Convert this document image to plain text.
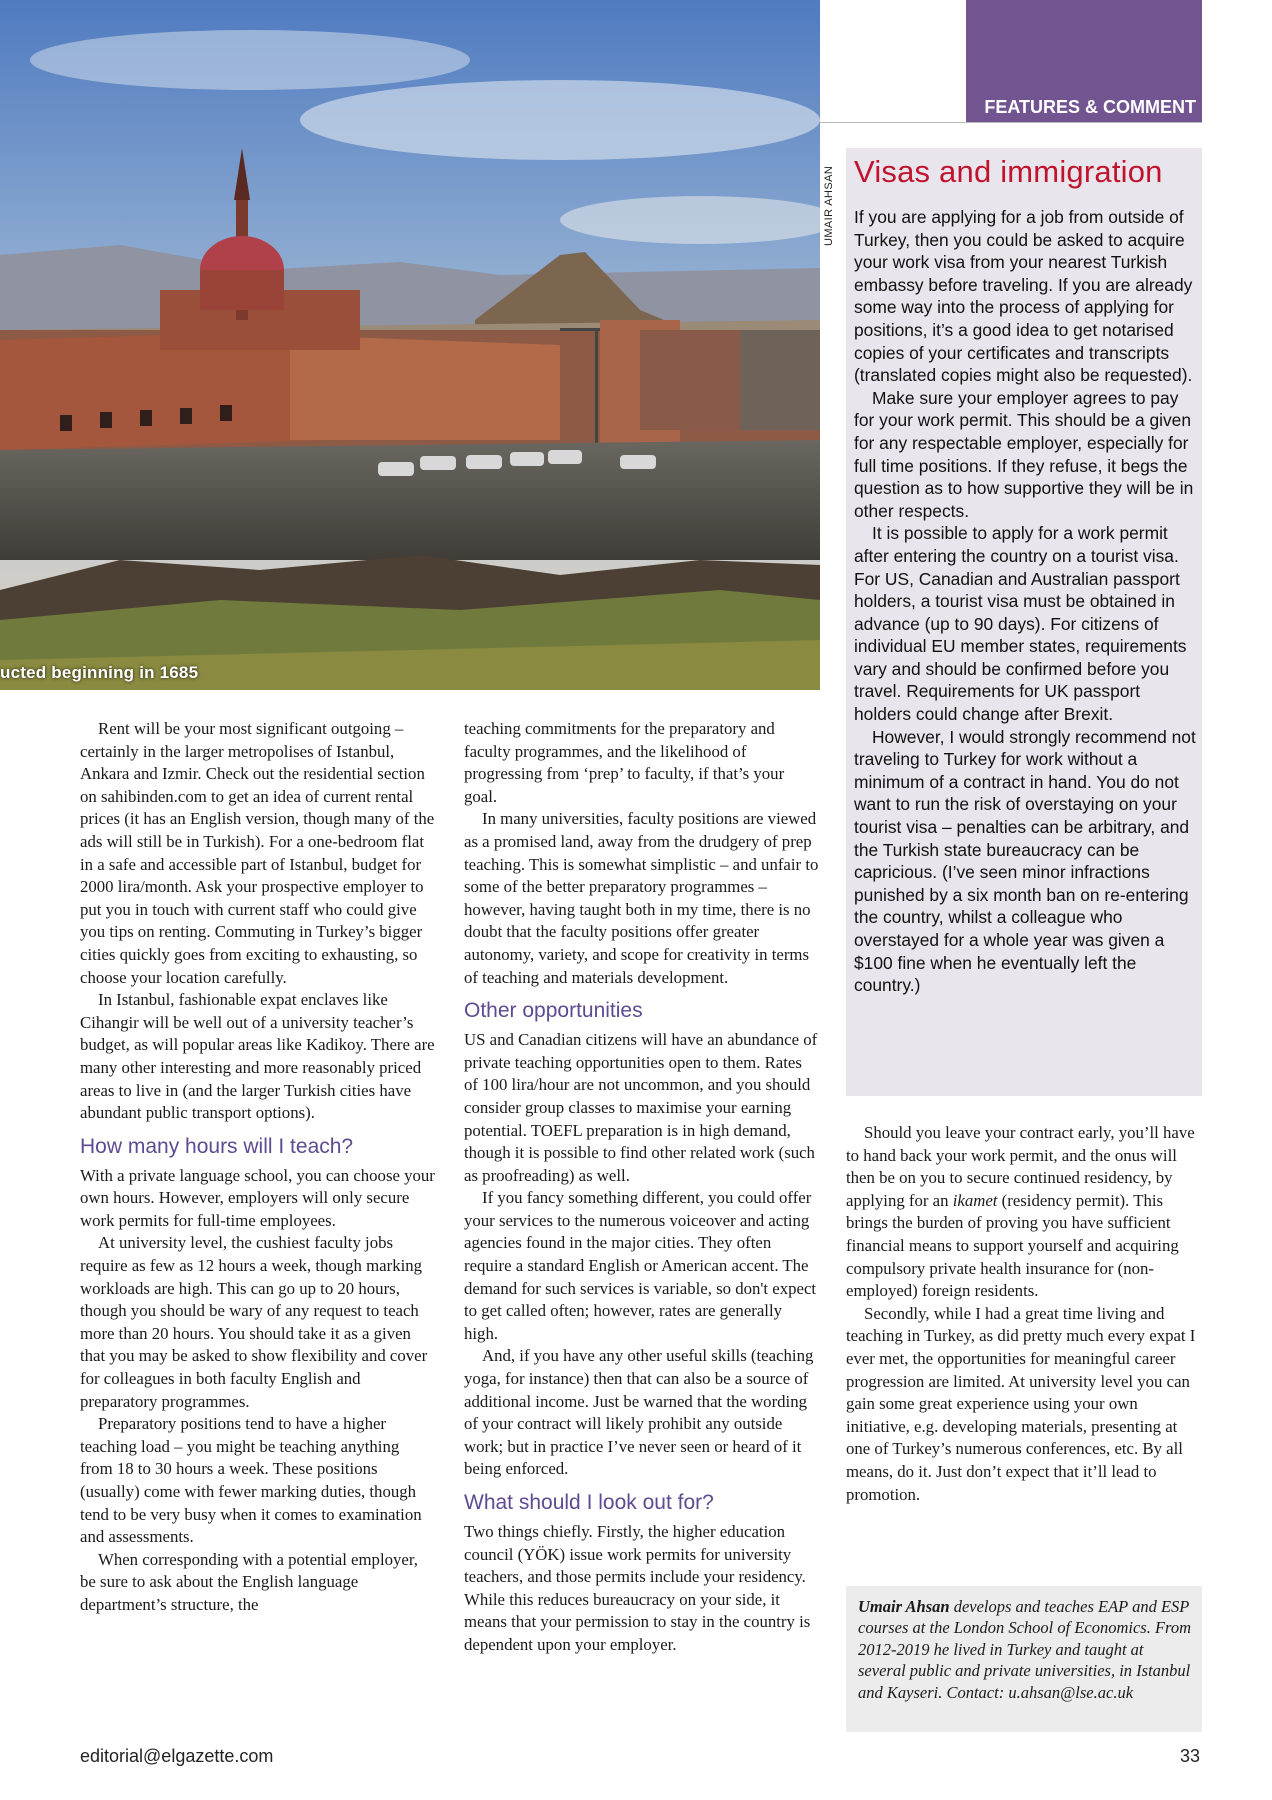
ucted beginning in 1685
FEATURES & COMMENT
UMAIR AHSAN Visas and immigration

If you are applying for a job from outside of Turkey, then you could be asked to acquire your work visa from your nearest Turkish embassy before traveling. If you are already some way into the process of applying for positions, it’s a good idea to get notarised copies of your certificates and transcripts (translated copies might also be requested).

Make sure your employer agrees to pay for your work permit. This should be a given for any respectable employer, especially for full time positions. If they refuse, it begs the question as to how supportive they will be in other respects.

It is possible to apply for a work permit after entering the country on a tourist visa. For US, Canadian and Australian passport holders, a tourist visa must be obtained in advance (up to 90 days). For citizens of individual EU member states, requirements vary and should be confirmed before you travel. Requirements for UK passport holders could change after Brexit.

However, I would strongly recommend not traveling to Turkey for work without a minimum of a contract in hand. You do not want to run the risk of overstaying on your tourist visa – penalties can be arbitrary, and the Turkish state bureaucracy can be capricious. (I’ve seen minor infractions punished by a six month ban on re-entering the country, whilst a colleague who overstayed for a whole year was given a $100 fine when he eventually left the country.)

Rent will be your most significant outgoing – certainly in the larger metropolises of Istanbul, Ankara and Izmir. Check out the residential section on sahibinden.com to get an idea of current rental prices (it has an English version, though many of the ads will still be in Turkish). For a one-bedroom flat in a safe and accessible part of Istanbul, budget for 2000 lira/month. Ask your prospective employer to put you in touch with current staff who could give you tips on renting. Commuting in Turkey’s bigger cities quickly goes from exciting to exhausting, so choose your location carefully.

In Istanbul, fashionable expat enclaves like Cihangir will be well out of a university teacher’s budget, as will popular areas like Kadikoy. There are many other interesting and more reasonably priced areas to live in (and the larger Turkish cities have abundant public transport options).

How many hours will I teach?

With a private language school, you can choose your own hours. However, employers will only secure work permits for full-time employees.

At university level, the cushiest faculty jobs require as few as 12 hours a week, though marking workloads are high. This can go up to 20 hours, though you should be wary of any request to teach more than 20 hours. You should take it as a given that you may be asked to show flexibility and cover for colleagues in both faculty English and preparatory programmes.

Preparatory positions tend to have a higher teaching load – you might be teaching anything from 18 to 30 hours a week. These positions (usually) come with fewer marking duties, though tend to be very busy when it comes to examination and assessments.

When corresponding with a potential employer, be sure to ask about the English language department’s structure, the

teaching commitments for the preparatory and faculty programmes, and the likelihood of progressing from ‘prep’ to faculty, if that’s your goal.

In many universities, faculty positions are viewed as a promised land, away from the drudgery of prep teaching. This is somewhat simplistic – and unfair to some of the better preparatory programmes – however, having taught both in my time, there is no doubt that the faculty positions offer greater autonomy, variety, and scope for creativity in terms of teaching and materials development.

Other opportunities

US and Canadian citizens will have an abundance of private teaching opportunities open to them. Rates of 100 lira/hour are not uncommon, and you should consider group classes to maximise your earning potential. TOEFL preparation is in high demand, though it is possible to find other related work (such as proofreading) as well.

If you fancy something different, you could offer your services to the numerous voiceover and acting agencies found in the major cities. They often require a standard English or American accent. The demand for such services is variable, so don't expect to get called often; however, rates are generally high.

And, if you have any other useful skills (teaching yoga, for instance) then that can also be a source of additional income. Just be warned that the wording of your contract will likely prohibit any outside work; but in practice I’ve never seen or heard of it being enforced.

What should I look out for?

Two things chiefly. Firstly, the higher education council (YÖK) issue work permits for university teachers, and those permits include your residency. While this reduces bureaucracy on your side, it means that your permission to stay in the country is dependent upon your employer.

Should you leave your contract early, you’ll have to hand back your work permit, and the onus will then be on you to secure continued residency, by applying for an ikamet (residency permit). This brings the burden of proving you have sufficient financial means to support yourself and acquiring compulsory private health insurance for (non-employed) foreign residents.

Secondly, while I had a great time living and teaching in Turkey, as did pretty much every expat I ever met, the opportunities for meaningful career progression are limited. At university level you can gain some great experience using your own initiative, e.g. developing materials, presenting at one of Turkey’s numerous conferences, etc. By all means, do it. Just don’t expect that it’ll lead to promotion.

Umair Ahsan develops and teaches EAP and ESP courses at the London School of Economics. From 2012-2019 he lived in Turkey and taught at several public and private universities, in Istanbul and Kayseri. Contact: u.ahsan@lse.ac.uk
editorial@elgazette.com	33
